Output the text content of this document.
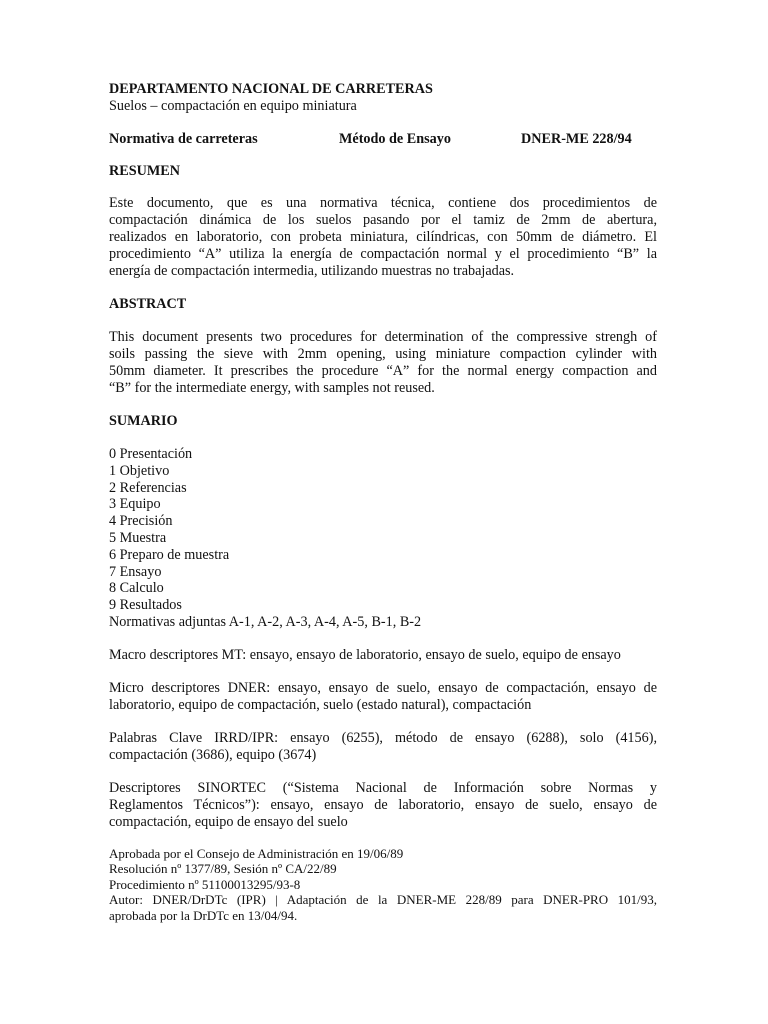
DEPARTAMENTO NACIONAL DE CARRETERAS
Suelos – compactación en equipo miniatura
Normativa de carreteras	Método de Ensayo	DNER-ME 228/94
RESUMEN
Este documento, que es una normativa técnica, contiene dos procedimientos de
compactación dinámica de los suelos pasando por el tamiz de 2mm de abertura,
realizados en laboratorio, con probeta miniatura, cilíndricas, con 50mm de diámetro. El
procedimiento “A” utiliza la energía de compactación normal y el procedimiento “B” la
energía de compactación intermedia, utilizando muestras no trabajadas.
ABSTRACT
This document presents two procedures for determination of the compressive strengh of
soils passing the sieve with 2mm opening, using miniature compaction cylinder with
50mm diameter. It prescribes the procedure “A” for the normal energy compaction and
“B” for the intermediate energy, with samples not reused.
SUMARIO
0 Presentación
1 Objetivo
2 Referencias
3 Equipo
4 Precisión
5 Muestra
6 Preparo de muestra
7 Ensayo
8 Calculo
9 Resultados
Normativas adjuntas A-1, A-2, A-3, A-4, A-5, B-1, B-2
Macro descriptores MT: ensayo, ensayo de laboratorio, ensayo de suelo, equipo de ensayo
Micro descriptores DNER: ensayo, ensayo de suelo, ensayo de compactación, ensayo de
laboratorio, equipo de compactación, suelo (estado natural), compactación
Palabras Clave IRRD/IPR: ensayo (6255), método de ensayo (6288), solo (4156),
compactación (3686), equipo (3674)
Descriptores SINORTEC (“Sistema Nacional de Información sobre Normas y
Reglamentos Técnicos”): ensayo, ensayo de laboratorio, ensayo de suelo, ensayo de
compactación, equipo de ensayo del suelo
Aprobada por el Consejo de Administración en 19/06/89
Resolución nº 1377/89, Sesión nº CA/22/89
Procedimiento nº 51100013295/93-8
Autor: DNER/DrDTc (IPR) | Adaptación de la DNER-ME 228/89 para DNER-PRO 101/93,
aprobada por la DrDTc en 13/04/94.
